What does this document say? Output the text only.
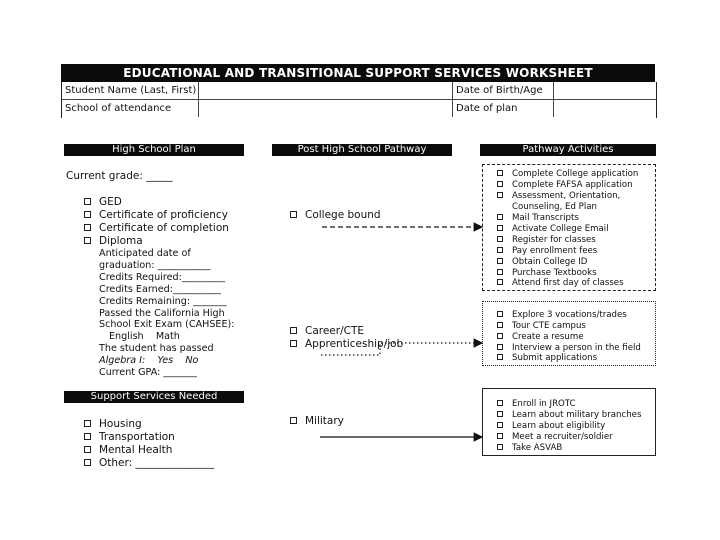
EDUCATIONAL AND TRANSITIONAL SUPPORT SERVICES WORKSHEET
Student Name (Last, First)	Date of Birth/Age
School of attendance	Date of plan
High School Plan	Post High School Pathway	Pathway Activities
Current grade: _____
GED
Certificate of proficiency
Certificate of completion
Diploma
Anticipated date of
graduation: ___________
Credits Required:_________
Credits Earned:__________
Credits Remaining: _______
Passed the California High
School Exit Exam (CAHSEE):
English    Math
The student has passed
Algebra I:    Yes    No
Current GPA: _______
Support Services Needed
Housing
Transportation
Mental Health
Other: _______________
College bound
Career/CTE
Apprenticeship/job
Military
Complete College application
Complete FAFSA application
Assessment, Orientation,
Counseling, Ed Plan
Mail Transcripts
Activate College Email
Register for classes
Pay enrollment fees
Obtain College ID
Purchase Textbooks
Attend first day of classes
Explore 3 vocations/trades
Tour CTE campus
Create a resume
Interview a person in the field
Submit applications
Enroll in JROTC
Learn about military branches
Learn about eligibility
Meet a recruiter/soldier
Take ASVAB
